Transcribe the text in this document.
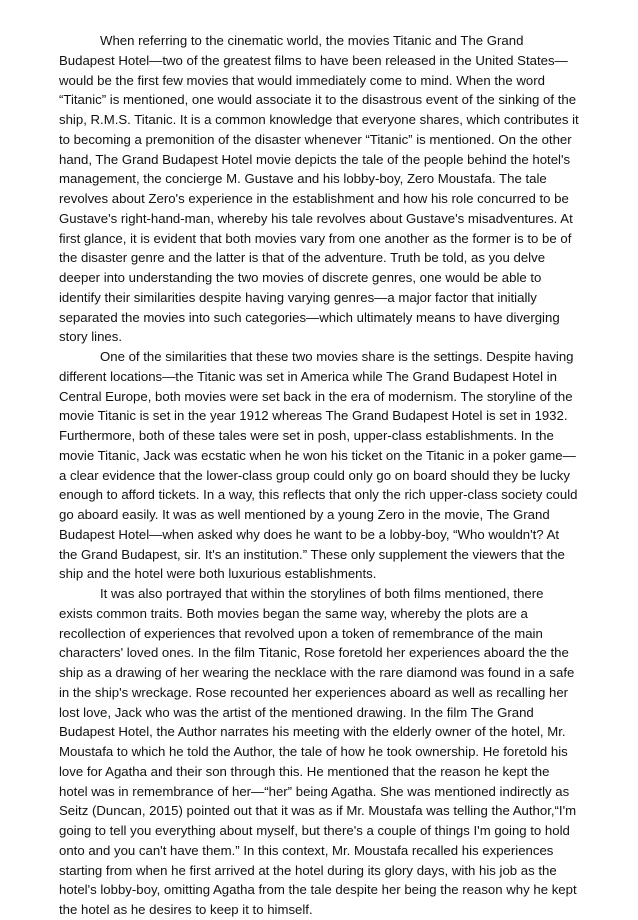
When referring to the cinematic world, the movies Titanic and The Grand Budapest Hotel—two of the greatest films to have been released in the United States—would be the first few movies that would immediately come to mind. When the word “Titanic” is mentioned, one would associate it to the disastrous event of the sinking of the ship, R.M.S. Titanic. It is a common knowledge that everyone shares, which contributes it to becoming a premonition of the disaster whenever “Titanic” is mentioned. On the other hand, The Grand Budapest Hotel movie depicts the tale of the people behind the hotel's management, the concierge M. Gustave and his lobby-boy, Zero Moustafa. The tale revolves about Zero's experience in the establishment and how his role concurred to be Gustave's right-hand-man, whereby his tale revolves about Gustave's misadventures. At first glance, it is evident that both movies vary from one another as the former is to be of the disaster genre and the latter is that of the adventure. Truth be told, as you delve deeper into understanding the two movies of discrete genres, one would be able to identify their similarities despite having varying genres—a major factor that initially separated the movies into such categories—which ultimately means to have diverging story lines.

One of the similarities that these two movies share is the settings. Despite having different locations—the Titanic was set in America while The Grand Budapest Hotel in Central Europe, both movies were set back in the era of modernism. The storyline of the movie Titanic is set in the year 1912 whereas The Grand Budapest Hotel is set in 1932. Furthermore, both of these tales were set in posh, upper-class establishments. In the movie Titanic, Jack was ecstatic when he won his ticket on the Titanic in a poker game—a clear evidence that the lower-class group could only go on board should they be lucky enough to afford tickets. In a way, this reflects that only the rich upper-class society could go aboard easily. It was as well mentioned by a young Zero in the movie, The Grand Budapest Hotel—when asked why does he want to be a lobby-boy, “Who wouldn't? At the Grand Budapest, sir. It's an institution.” These only supplement the viewers that the ship and the hotel were both luxurious establishments.

It was also portrayed that within the storylines of both films mentioned, there exists common traits. Both movies began the same way, whereby the plots are a recollection of experiences that revolved upon a token of remembrance of the main characters' loved ones. In the film Titanic, Rose foretold her experiences aboard the the ship as a drawing of her wearing the necklace with the rare diamond was found in a safe in the ship's wreckage. Rose recounted her experiences aboard as well as recalling her lost love, Jack who was the artist of the mentioned drawing. In the film The Grand Budapest Hotel, the Author narrates his meeting with the elderly owner of the hotel, Mr. Moustafa to which he told the Author, the tale of how he took ownership. He foretold his love for Agatha and their son through this. He mentioned that the reason he kept the hotel was in remembrance of her—“her” being Agatha. She was mentioned indirectly as Seitz (Duncan, 2015) pointed out that it was as if Mr. Moustafa was telling the Author,“I'm going to tell you everything about myself, but there's a couple of things I'm going to hold onto and you can't have them.” In this context, Mr. Moustafa recalled his experiences starting from when he first arrived at the hotel during its glory days, with his job as the hotel's lobby-boy, omitting Agatha from the tale despite her being the reason why he kept the hotel as he desires to keep it to himself.
